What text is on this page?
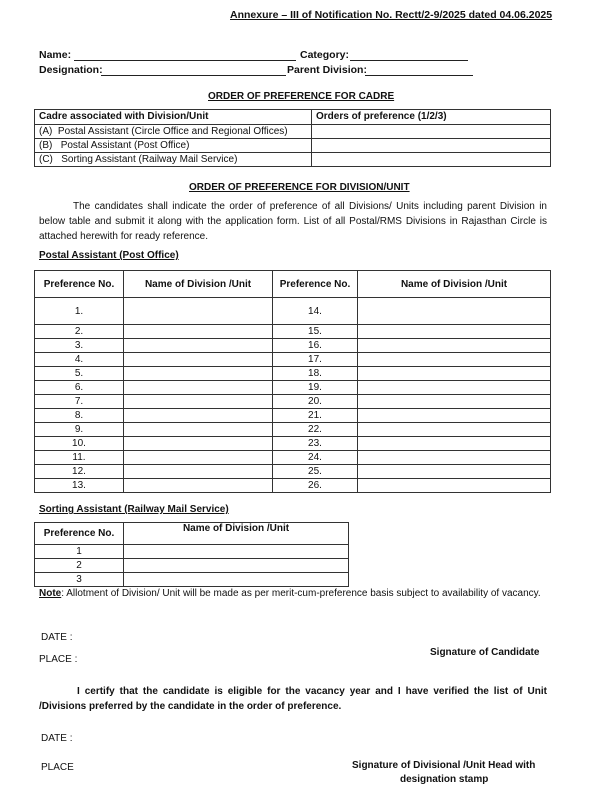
Annexure – III of Notification No. Rectt/2-9/2025 dated 04.06.2025
Name:	Category:
Designation:	Parent Division:
ORDER OF PREFERENCE FOR CADRE
Cadre associated with Division/Unit	Orders of preference (1/2/3)
(A) Postal Assistant (Circle Office and Regional Offices)	
(B) Postal Assistant (Post Office)	
(C) Sorting Assistant (Railway Mail Service)	
ORDER OF PREFERENCE FOR DIVISION/UNIT
The candidates shall indicate the order of preference of all Divisions/ Units including parent Division in below table and submit it along with the application form. List of all Postal/RMS Divisions in Rajasthan Circle is attached herewith for ready reference.
Postal Assistant (Post Office)
Preference No.	Name of Division /Unit	Preference No.	Name of Division /Unit
1.		14.	
2.		15.	
3.		16.	
4.		17.	
5.		18.	
6.		19.	
7.		20.	
8.		21.	
9.		22.	
10.		23.	
11.		24.	
12.		25.	
13.		26.	
Sorting Assistant (Railway Mail Service)
Preference No.	Name of Division /Unit
1	
2	
3	
Note: Allotment of Division/ Unit will be made as per merit-cum-preference basis subject to availability of vacancy.
DATE :
PLACE :
Signature of Candidate
I certify that the candidate is eligible for the vacancy year and I have verified the list of Unit /Divisions preferred by the candidate in the order of preference.
DATE :
PLACE	Signature of Divisional /Unit Head with
designation stamp
